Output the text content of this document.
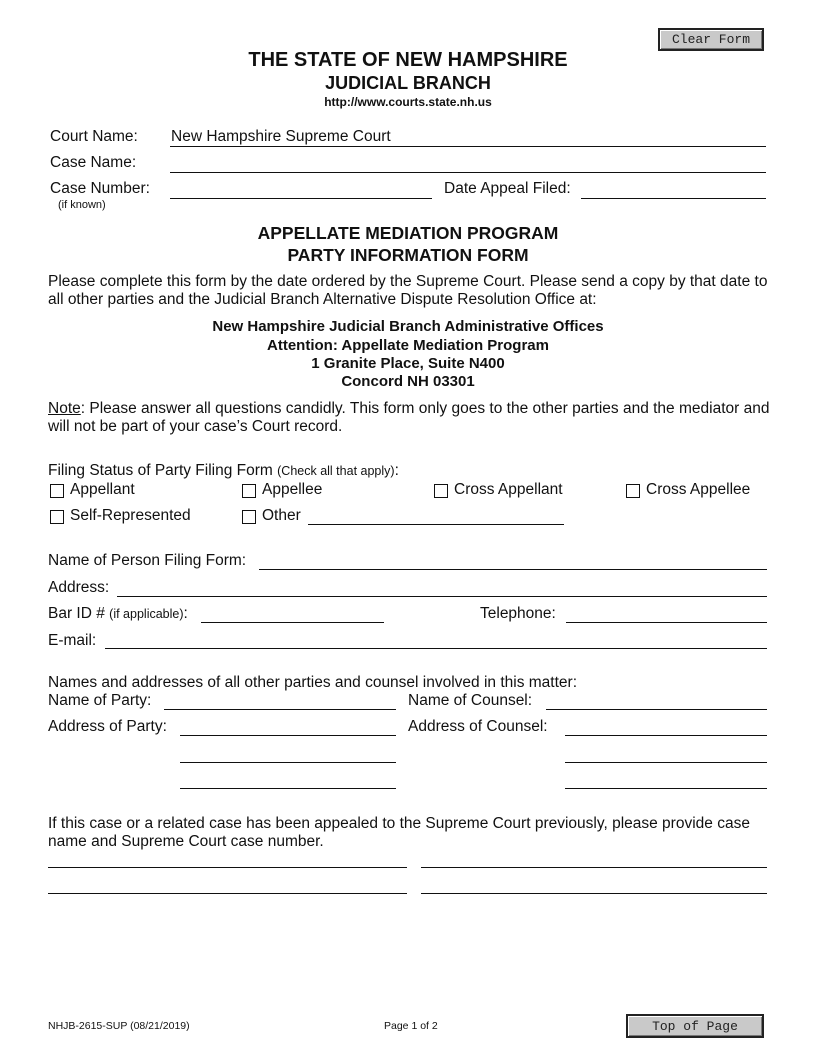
Clear Form
Top of Page
THE STATE OF NEW HAMPSHIRE
JUDICIAL BRANCH
http://www.courts.state.nh.us
Court Name: New Hampshire Supreme Court
Case Name:
Case Number:
(if known)
Date Appeal Filed:
APPELLATE MEDIATION PROGRAM
PARTY INFORMATION FORM
Please complete this form by the date ordered by the Supreme Court. Please send a copy by that date to all other parties and the Judicial Branch Alternative Dispute Resolution Office at:
New Hampshire Judicial Branch Administrative Offices
Attention: Appellate Mediation Program
1 Granite Place, Suite N400
Concord NH 03301
Note: Please answer all questions candidly. This form only goes to the other parties and the mediator and will not be part of your case’s Court record.
Filing Status of Party Filing Form (Check all that apply):
Appellant	Appellee	Cross Appellant	Cross Appellee
Self-Represented	Other
Name of Person Filing Form:
Address:
Bar ID # (if applicable):	Telephone:
E-mail:
Names and addresses of all other parties and counsel involved in this matter:
Name of Party:	Name of Counsel:
Address of Party:	Address of Counsel:
If this case or a related case has been appealed to the Supreme Court previously, please provide case name and Supreme Court case number.
NHJB-2615-SUP (08/21/2019)	Page 1 of 2
